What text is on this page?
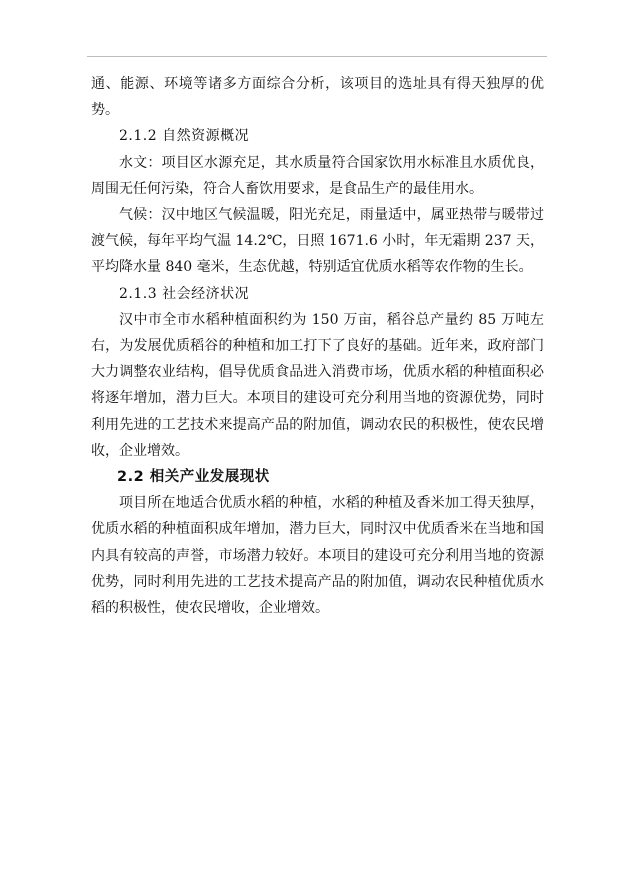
通、能源、环境等诸多方面综合分析，该项目的选址具有得天独厚的优势。

2.1.2 自然资源概况

水文：项目区水源充足，其水质量符合国家饮用水标准且水质优良，周围无任何污染，符合人畜饮用要求，是食品生产的最佳用水。

气候：汉中地区气候温暖，阳光充足，雨量适中，属亚热带与暖带过渡气候，每年平均气温 14.2℃，日照 1671.6 小时，年无霜期 237 天，平均降水量 840 毫米，生态优越，特别适宜优质水稻等农作物的生长。

2.1.3 社会经济状况

汉中市全市水稻种植面积约为 150 万亩，稻谷总产量约 85 万吨左右，为发展优质稻谷的种植和加工打下了良好的基础。近年来，政府部门大力调整农业结构，倡导优质食品进入消费市场，优质水稻的种植面积必将逐年增加，潜力巨大。本项目的建设可充分利用当地的资源优势，同时利用先进的工艺技术来提高产品的附加值，调动农民的积极性，使农民增收，企业增效。

2.2 相关产业发展现状

项目所在地适合优质水稻的种植，水稻的种植及香米加工得天独厚，优质水稻的种植面积成年增加，潜力巨大，同时汉中优质香米在当地和国内具有较高的声誉，市场潜力较好。本项目的建设可充分利用当地的资源优势，同时利用先进的工艺技术提高产品的附加值，调动农民种植优质水稻的积极性，使农民增收，企业增效。
